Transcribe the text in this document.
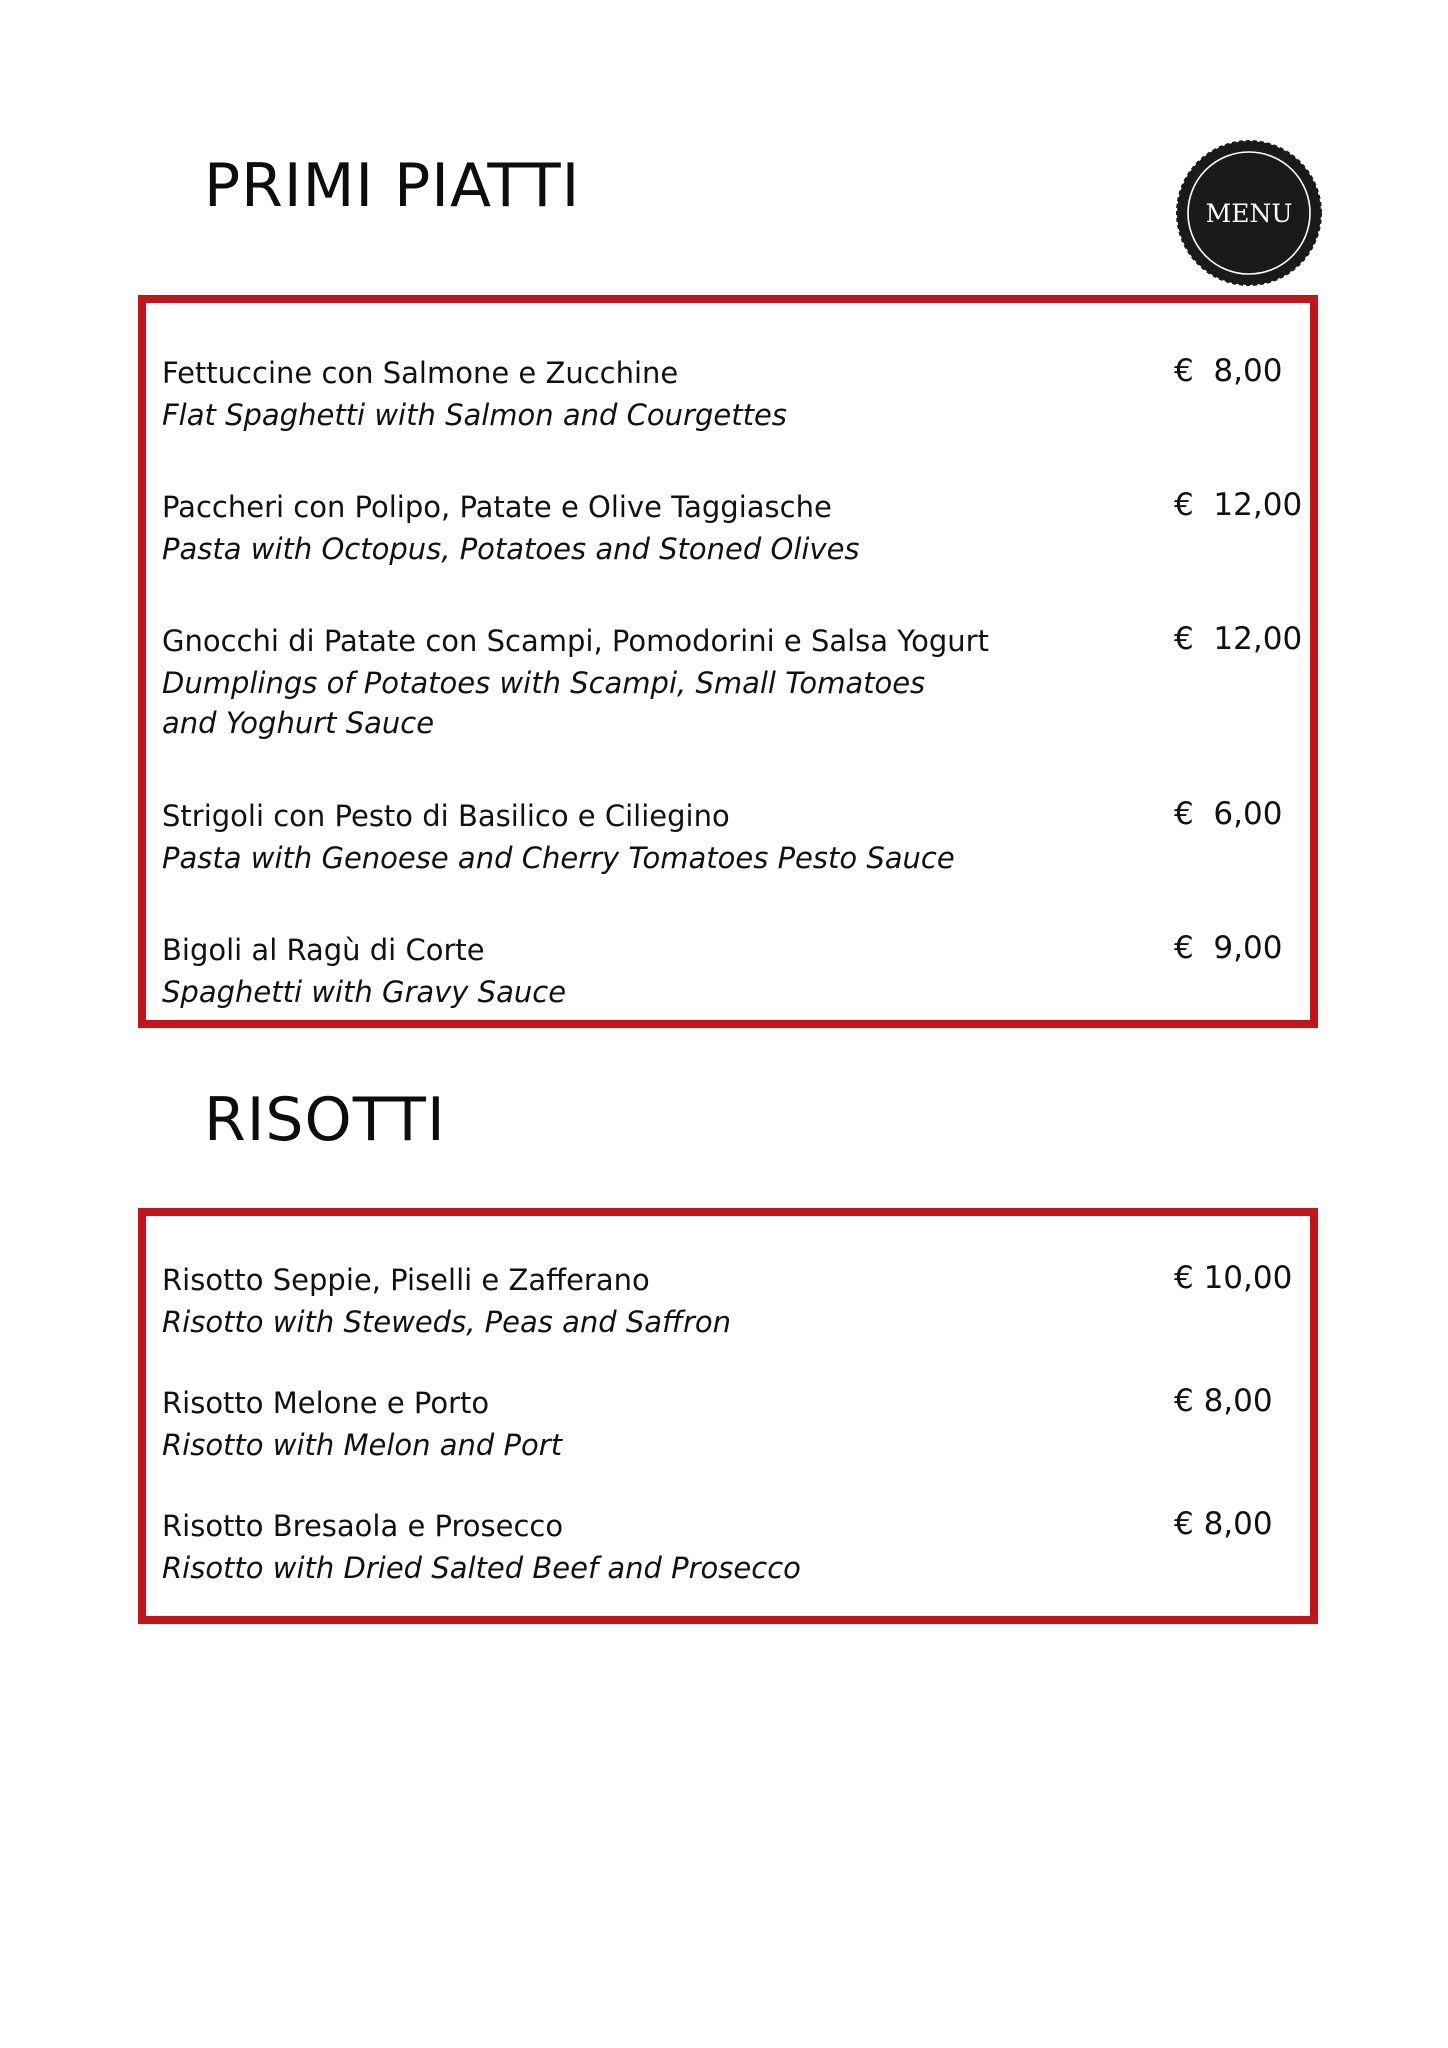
PRIMI PIATTI	MENU
Fettuccine con Salmone e Zucchine
Flat Spaghetti with Salmon and Courgettes
€  8,00
Paccheri con Polipo, Patate e Olive Taggiasche
Pasta with Octopus, Potatoes and Stoned Olives
€  12,00
Gnocchi di Patate con Scampi, Pomodorini e Salsa Yogurt
Dumplings of Potatoes with Scampi, Small Tomatoes
and Yoghurt Sauce
€  12,00
Strigoli con Pesto di Basilico e Ciliegino
Pasta with Genoese and Cherry Tomatoes Pesto Sauce
€  6,00
Bigoli al Ragù di Corte
Spaghetti with Gravy Sauce
€  9,00
RISOTTI
Risotto Seppie, Piselli e Zafferano
Risotto with Steweds, Peas and Saffron
€ 10,00
Risotto Melone e Porto
Risotto with Melon and Port
€ 8,00
Risotto Bresaola e Prosecco
Risotto with Dried Salted Beef and Prosecco
€ 8,00
